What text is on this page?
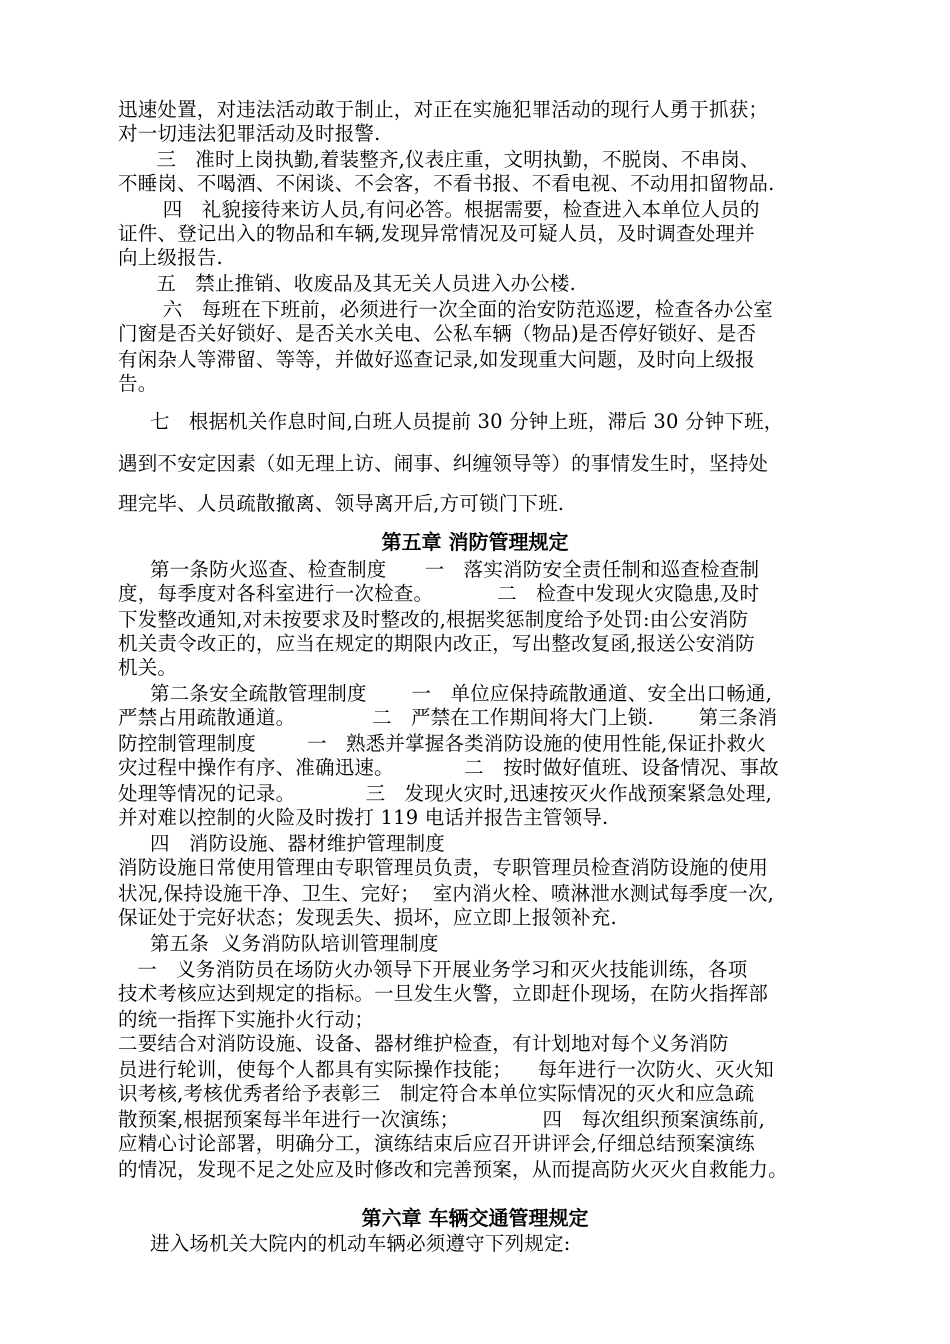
迅速处置，对违法活动敢于制止，对正在实施犯罪活动的现行人勇于抓获；
对一切违法犯罪活动及时报警.
三   准时上岗执勤,着装整齐,仪表庄重，文明执勤，不脱岗、不串岗、
不睡岗、不喝酒、不闲谈、不会客，不看书报、不看电视、不动用扣留物品.
四   礼貌接待来访人员,有问必答。根据需要，检查进入本单位人员的
证件、登记出入的物品和车辆,发现异常情况及可疑人员，及时调查处理并
向上级报告.
五   禁止推销、收废品及其无关人员进入办公楼.
六   每班在下班前，必须进行一次全面的治安防范巡逻，检查各办公室
门窗是否关好锁好、是否关水关电、公私车辆（物品)是否停好锁好、是否
有闲杂人等滞留、等等，并做好巡查记录,如发现重大问题，及时向上级报
告。
七   根据机关作息时间,白班人员提前 30 分钟上班，滞后 30 分钟下班，
遇到不安定因素（如无理上访、闹事、纠缠领导等）的事情发生时，坚持处
理完毕、人员疏散撤离、领导离开后,方可锁门下班.
第五章 消防管理规定
第一条防火巡查、检查制度      一   落实消防安全责任制和巡查检查制
度，每季度对各科室进行一次检查。          二   检查中发现火灾隐患,及时
下发整改通知,对未按要求及时整改的,根据奖惩制度给予处罚:由公安消防
机关责令改正的，应当在规定的期限内改正，写出整改复函,报送公安消防
机关。
第二条安全疏散管理制度       一   单位应保持疏散通道、安全出口畅通,
严禁占用疏散通道。            二   严禁在工作期间将大门上锁.       第三条消
防控制管理制度        一   熟悉并掌握各类消防设施的使用性能,保证扑救火
灾过程中操作有序、准确迅速。           二   按时做好值班、设备情况、事故
处理等情况的记录。           三   发现火灾时,迅速按灭火作战预案紧急处理,
并对难以控制的火险及时拨打 119 电话并报告主管领导.
四   消防设施、器材维护管理制度
消防设施日常使用管理由专职管理员负责，专职管理员检查消防设施的使用
状况,保持设施干净、卫生、完好；  室内消火栓、喷淋泄水测试每季度一次,
保证处于完好状态；发现丢失、损坏，应立即上报领补充.
第五条  义务消防队培训管理制度
一   义务消防员在场防火办领导下开展业务学习和灭火技能训练，各项
技术考核应达到规定的指标。一旦发生火警，立即赶仆现场，在防火指挥部
的统一指挥下实施扑火行动；
二要结合对消防设施、设备、器材维护检查，有计划地对每个义务消防
员进行轮训，使每个人都具有实际操作技能；    每年进行一次防火、灭火知
识考核,考核优秀者给予表彰三   制定符合本单位实际情况的灭火和应急疏
散预案,根据预案每半年进行一次演练；             四   每次组织预案演练前,
应精心讨论部署，明确分工，演练结束后应召开讲评会,仔细总结预案演练
的情况，发现不足之处应及时修改和完善预案，从而提高防火灭火自救能力。
第六章 车辆交通管理规定
进入场机关大院内的机动车辆必须遵守下列规定:
